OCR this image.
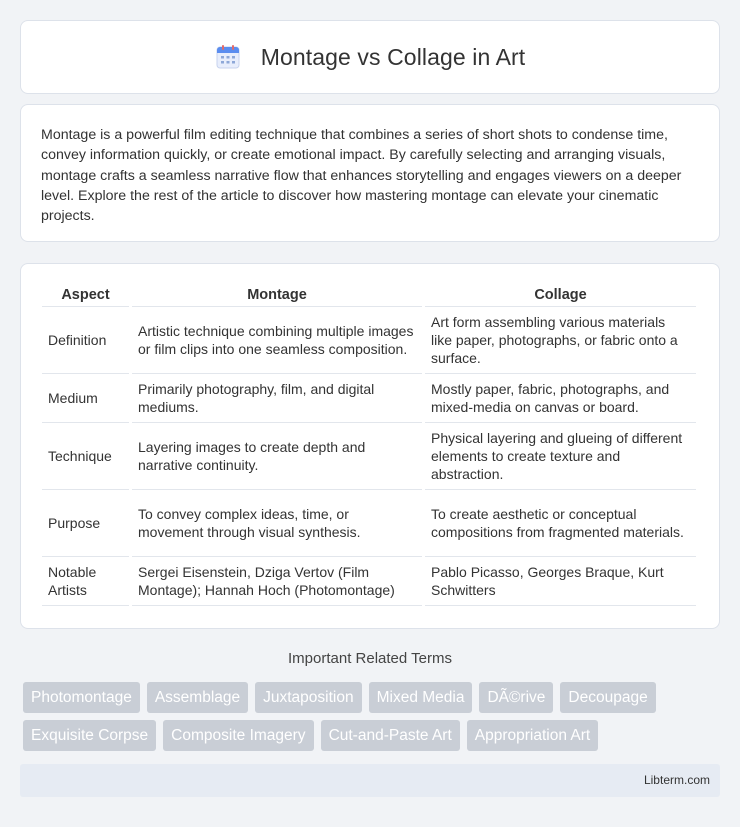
Montage vs Collage in Art

Montage is a powerful film editing technique that combines a series of short shots to condense time, convey information quickly, or create emotional impact. By carefully selecting and arranging visuals, montage crafts a seamless narrative flow that enhances storytelling and engages viewers on a deeper level. Explore the rest of the article to discover how mastering montage can elevate your cinematic projects.

Aspect	Montage	Collage
Definition	Artistic technique combining multiple images or film clips into one seamless composition.	Art form assembling various materials like paper, photographs, or fabric onto a surface.
Medium	Primarily photography, film, and digital mediums.	Mostly paper, fabric, photographs, and mixed-media on canvas or board.
Technique	Layering images to create depth and narrative continuity.	Physical layering and glueing of different elements to create texture and abstraction.
Purpose	To convey complex ideas, time, or movement through visual synthesis.	To create aesthetic or conceptual compositions from fragmented materials.
Notable Artists	Sergei Eisenstein, Dziga Vertov (Film Montage); Hannah Hoch (Photomontage)	Pablo Picasso, Georges Braque, Kurt Schwitters
Important Related Terms
Photomontage	Assemblage	Juxtaposition	Mixed Media	DÃ©rive	Decoupage
Exquisite Corpse	Composite Imagery	Cut-and-Paste Art	Appropriation Art
Libterm.com
